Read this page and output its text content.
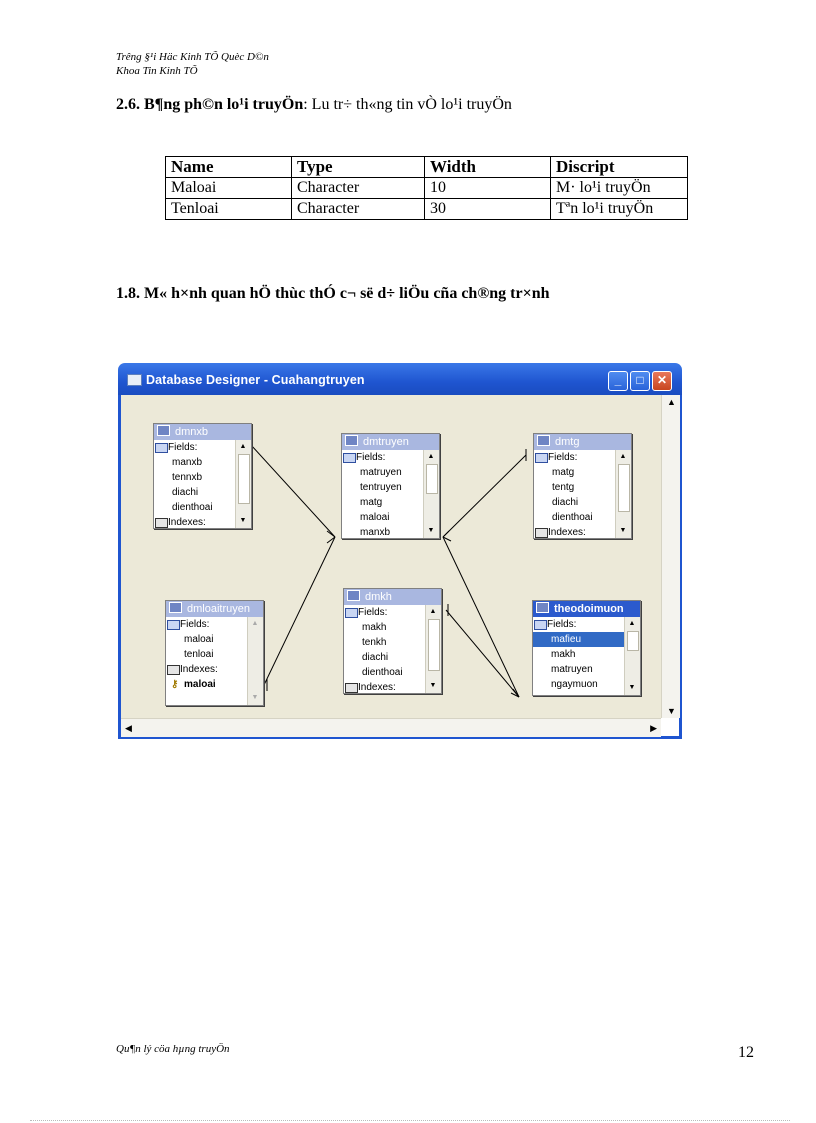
Trêng §¹i Häc Kinh TÕ Quèc D©n
Khoa Tin Kinh TÕ
2.6. B¶ng ph©n lo¹i truyÖn: Lu tr÷ th«ng tin vÒ lo¹i truyÖn
Name	Type	Width	Discript
Maloai	Character	10	M· lo¹i truyÖn
Tenloai	Character	30	Tªn lo¹i truyÖn
1.8. M« h×nh quan hÖ thùc thÓ c¬ së d÷ liÖu cña ch®ng tr×nh
Database Designer - Cuahangtruyen	_	□	✕
dmnxb
Fields:
manxb
tennxb
diachi
dienthoai
Indexes:
▲
▼
dmtruyen
Fields:
matruyen
tentruyen
matg
maloai
manxb
▲
▼
dmtg
Fields:
matg
tentg
diachi
dienthoai
Indexes:
▲
▼
dmloaitruyen
Fields:
maloai
tenloai
Indexes:
⚷ maloai
▲
▼
dmkh
Fields:
makh
tenkh
diachi
dienthoai
Indexes:
▲
▼
theodoimuon
Fields:
mafieu
makh
matruyen
ngaymuon
▲
▼
▲
▼
◀	▶
Qu¶n lý cöa hµng truyÖn	12
